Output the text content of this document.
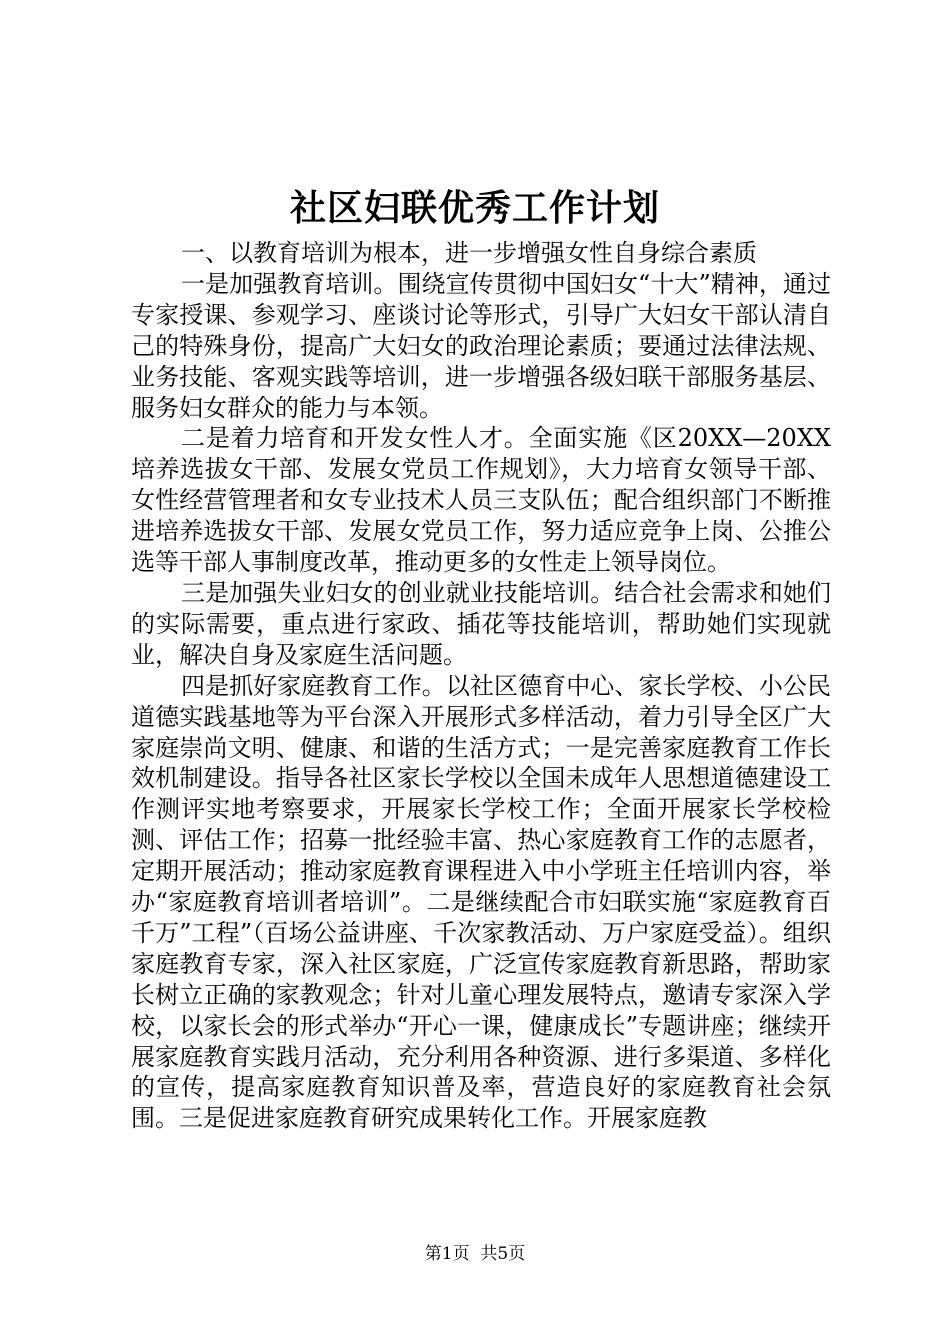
社区妇联优秀工作计划

一、以教育培训为根本，进一步增强女性自身综合素质

一是加强教育培训。围绕宣传贯彻中国妇女“十大”精神，通过专家授课、参观学习、座谈讨论等形式，引导广大妇女干部认清自己的特殊身份，提高广大妇女的政治理论素质；要通过法律法规、业务技能、客观实践等培训，进一步增强各级妇联干部服务基层、服务妇女群众的能力与本领。

二是着力培育和开发女性人才。全面实施《区20XX—20XX培养选拔女干部、发展女党员工作规划》，大力培育女领导干部、女性经营管理者和女专业技术人员三支队伍；配合组织部门不断推进培养选拔女干部、发展女党员工作，努力适应竞争上岗、公推公选等干部人事制度改革，推动更多的女性走上领导岗位。

三是加强失业妇女的创业就业技能培训。结合社会需求和她们的实际需要，重点进行家政、插花等技能培训，帮助她们实现就业，解决自身及家庭生活问题。

四是抓好家庭教育工作。以社区德育中心、家长学校、小公民道德实践基地等为平台深入开展形式多样活动，着力引导全区广大家庭崇尚文明、健康、和谐的生活方式；一是完善家庭教育工作长效机制建设。指导各社区家长学校以全国未成年人思想道德建设工作测评实地考察要求，开展家长学校工作；全面开展家长学校检测、评估工作；招募一批经验丰富、热心家庭教育工作的志愿者，定期开展活动；推动家庭教育课程进入中小学班主任培训内容，举办“家庭教育培训者培训”。二是继续配合市妇联实施“家庭教育百千万”工程”（百场公益讲座、千次家教活动、万户家庭受益）。组织家庭教育专家，深入社区家庭，广泛宣传家庭教育新思路，帮助家长树立正确的家教观念；针对儿童心理发展特点，邀请专家深入学校，以家长会的形式举办“开心一课，健康成长”专题讲座；继续开展家庭教育实践月活动，充分利用各种资源、进行多渠道、多样化的宣传，提高家庭教育知识普及率，营造良好的家庭教育社会氛围。三是促进家庭教育研究成果转化工作。开展家庭教

第1页  共5页
